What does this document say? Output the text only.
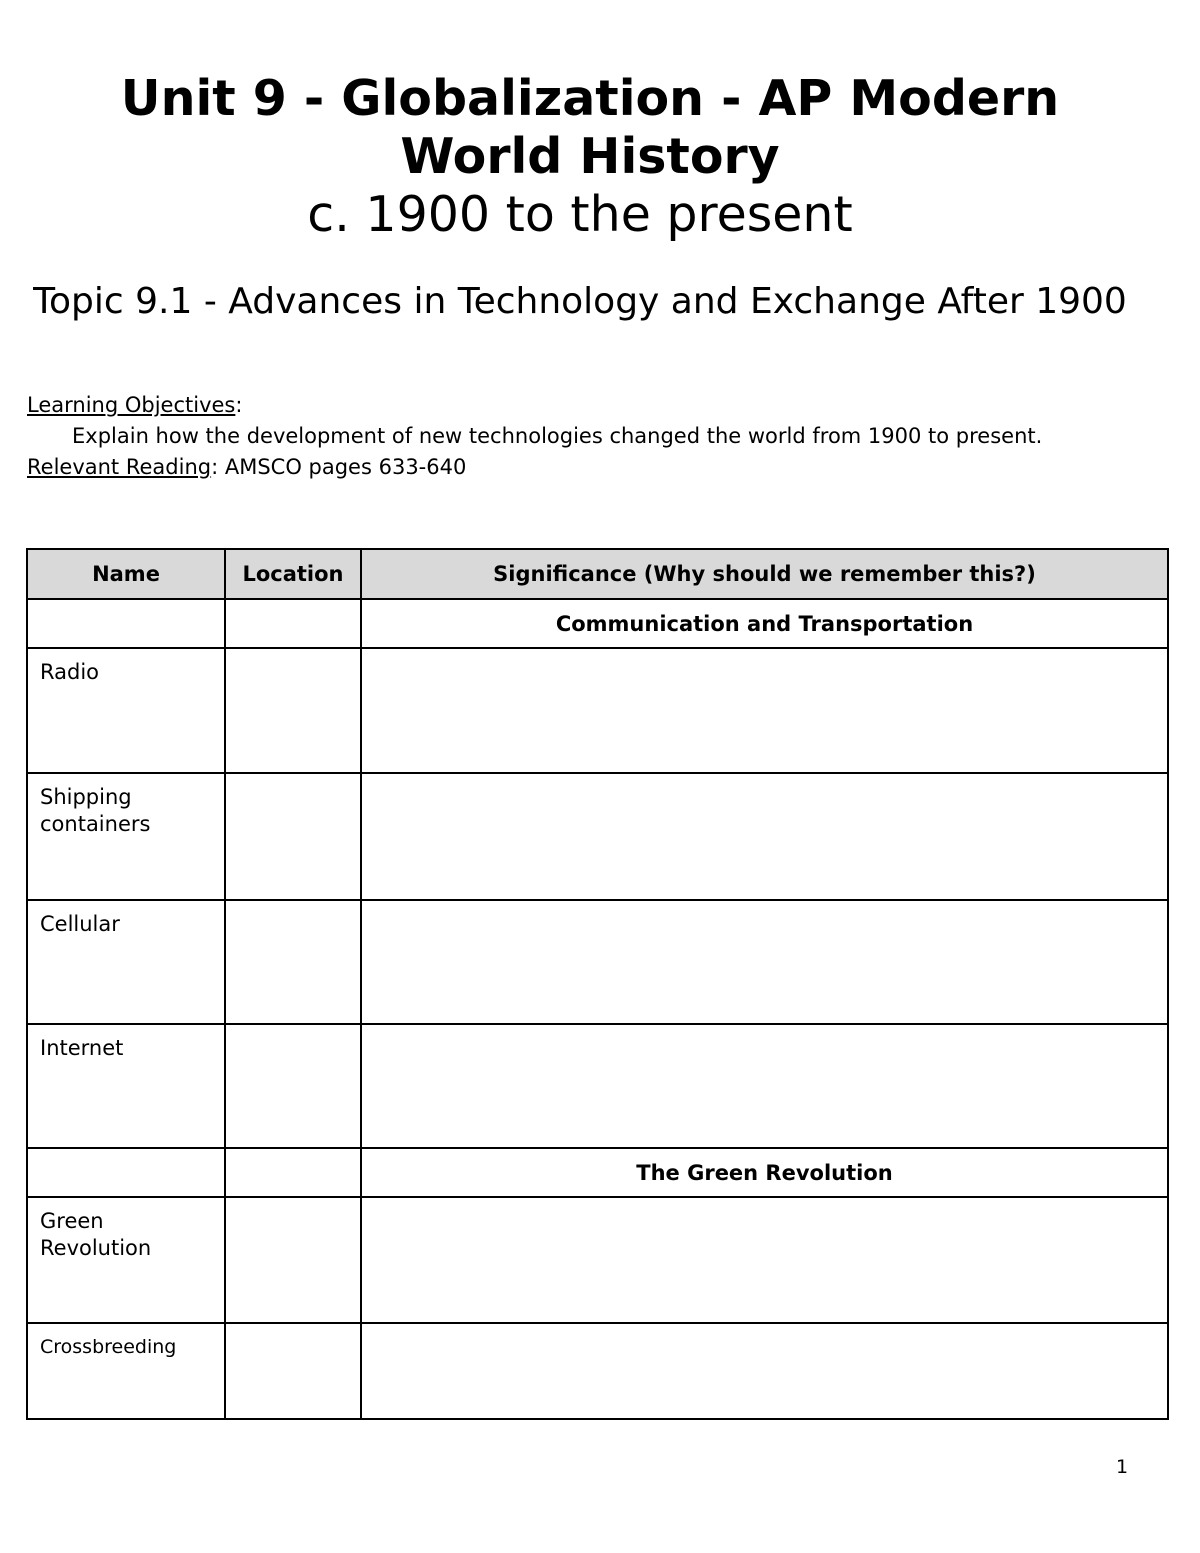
Unit 9 - Globalization - AP Modern World History
c. 1900 to the present
Topic 9.1 - Advances in Technology and Exchange After 1900
Learning Objectives:
Explain how the development of new technologies changed the world from 1900 to present.
Relevant Reading: AMSCO pages 633-640
Name	Location	Significance (Why should we remember this?)
		Communication and Transportation
Radio		
Shipping containers		
Cellular		
Internet		
		The Green Revolution
Green Revolution		
Crossbreeding		
1
